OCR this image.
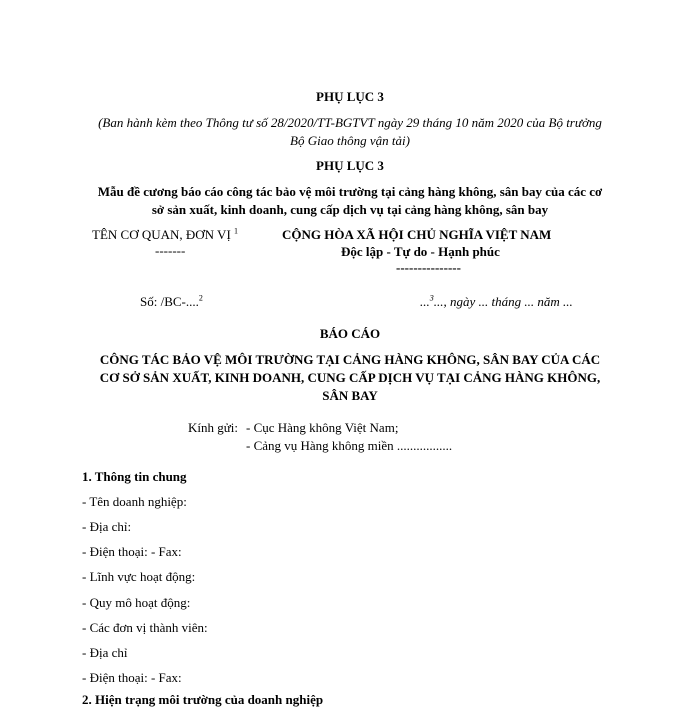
PHỤ LỤC 3
(Ban hành kèm theo Thông tư số 28/2020/TT-BGTVT ngày 29 tháng 10 năm 2020 của Bộ trưởng
Bộ Giao thông vận tải)
PHỤ LỤC 3
Mẫu đề cương báo cáo công tác bảo vệ môi trường tại cảng hàng không, sân bay của các cơ
sở sản xuất, kinh doanh, cung cấp dịch vụ tại cảng hàng không, sân bay
TÊN CƠ QUAN, ĐƠN VỊ $^1$
-------
CỘNG HÒA XÃ HỘI CHỦ NGHĨA VIỆT NAM
Độc lập - Tự do - Hạnh phúc
---------------
Số: /BC-....$^2$	...$^3$..., ngày ... tháng ... năm ...
BÁO CÁO
CÔNG TÁC BẢO VỆ MÔI TRƯỜNG TẠI CẢNG HÀNG KHÔNG, SÂN BAY CỦA CÁC
CƠ SỞ SẢN XUẤT, KINH DOANH, CUNG CẤP DỊCH VỤ TẠI CẢNG HÀNG KHÔNG,
SÂN BAY
Kính gửi: - Cục Hàng không Việt Nam;
- Cảng vụ Hàng không miền .................
1. Thông tin chung
- Tên doanh nghiệp:
- Địa chỉ:
- Điện thoại: - Fax:
- Lĩnh vực hoạt động:
- Quy mô hoạt động:
- Các đơn vị thành viên:
- Địa chỉ
- Điện thoại: - Fax:
2. Hiện trạng môi trường của doanh nghiệp
